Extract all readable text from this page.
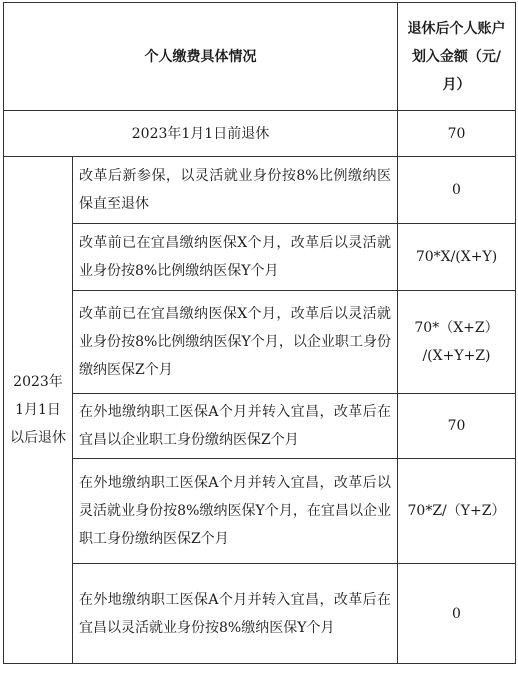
个人缴费具体情况		退休后个人账户划入金额（元/月）
2023年1月1日前退休		70
2023年1月1日以后退休	改革后新参保，以灵活就业身份按8%比例缴纳医保直至退休	0
	改革前已在宜昌缴纳医保X个月，改革后以灵活就业身份按8%比例缴纳医保Y个月	70*X/(X+Y)
	改革前已在宜昌缴纳医保X个月，改革后以灵活就业身份按8%比例缴纳医保Y个月，以企业职工身份缴纳医保Z个月	70*（X+Z）
/(X+Y+Z)

	在外地缴纳职工医保A个月并转入宜昌，改革后在宜昌以企业职工身份缴纳医保Z个月	70
	在外地缴纳职工医保A个月并转入宜昌，改革后以灵活就业身份按8%缴纳医保Y个月，在宜昌以企业职工身份缴纳医保Z个月	70*Z/（Y+Z）
	在外地缴纳职工医保A个月并转入宜昌，改革后在宜昌以灵活就业身份按8%缴纳医保Y个月	0
